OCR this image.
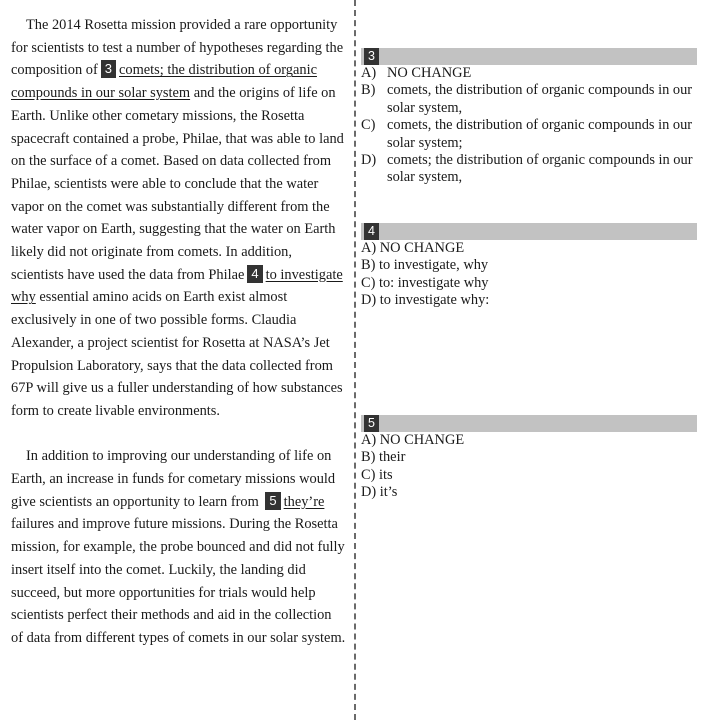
The 2014 Rosetta mission provided a rare opportunity for scientists to test a number of hypotheses regarding the composition of 3 comets; the distribution of organic compounds in our solar system and the origins of life on Earth. Unlike other cometary missions, the Rosetta spacecraft contained a probe, Philae, that was able to land on the surface of a comet. Based on data collected from Philae, scientists were able to conclude that the water vapor on the comet was substantially different from the water vapor on Earth, suggesting that the water on Earth likely did not originate from comets. In addition, scientists have used the data from Philae 4 to investigate why essential amino acids on Earth exist almost exclusively in one of two possible forms. Claudia Alexander, a project scientist for Rosetta at NASA’s Jet Propulsion Laboratory, says that the data collected from 67P will give us a fuller understanding of how substances form to create livable environments.

In addition to improving our understanding of life on Earth, an increase in funds for cometary missions would give scientists an opportunity to learn from 5 they’re failures and improve future missions. During the Rosetta mission, for example, the probe bounced and did not fully insert itself into the comet. Luckily, the landing did succeed, but more opportunities for trials would help scientists perfect their methods and aid in the collection of data from different types of comets in our solar system.

3
A) NO CHANGE
B) comets, the distribution of organic compounds in our solar system,
C) comets, the distribution of organic compounds in our solar system;
D) comets; the distribution of organic compounds in our solar system,
4
A) NO CHANGE
B) to investigate, why
C) to: investigate why
D) to investigate why:
5
A) NO CHANGE
B) their
C) its
D) it’s
